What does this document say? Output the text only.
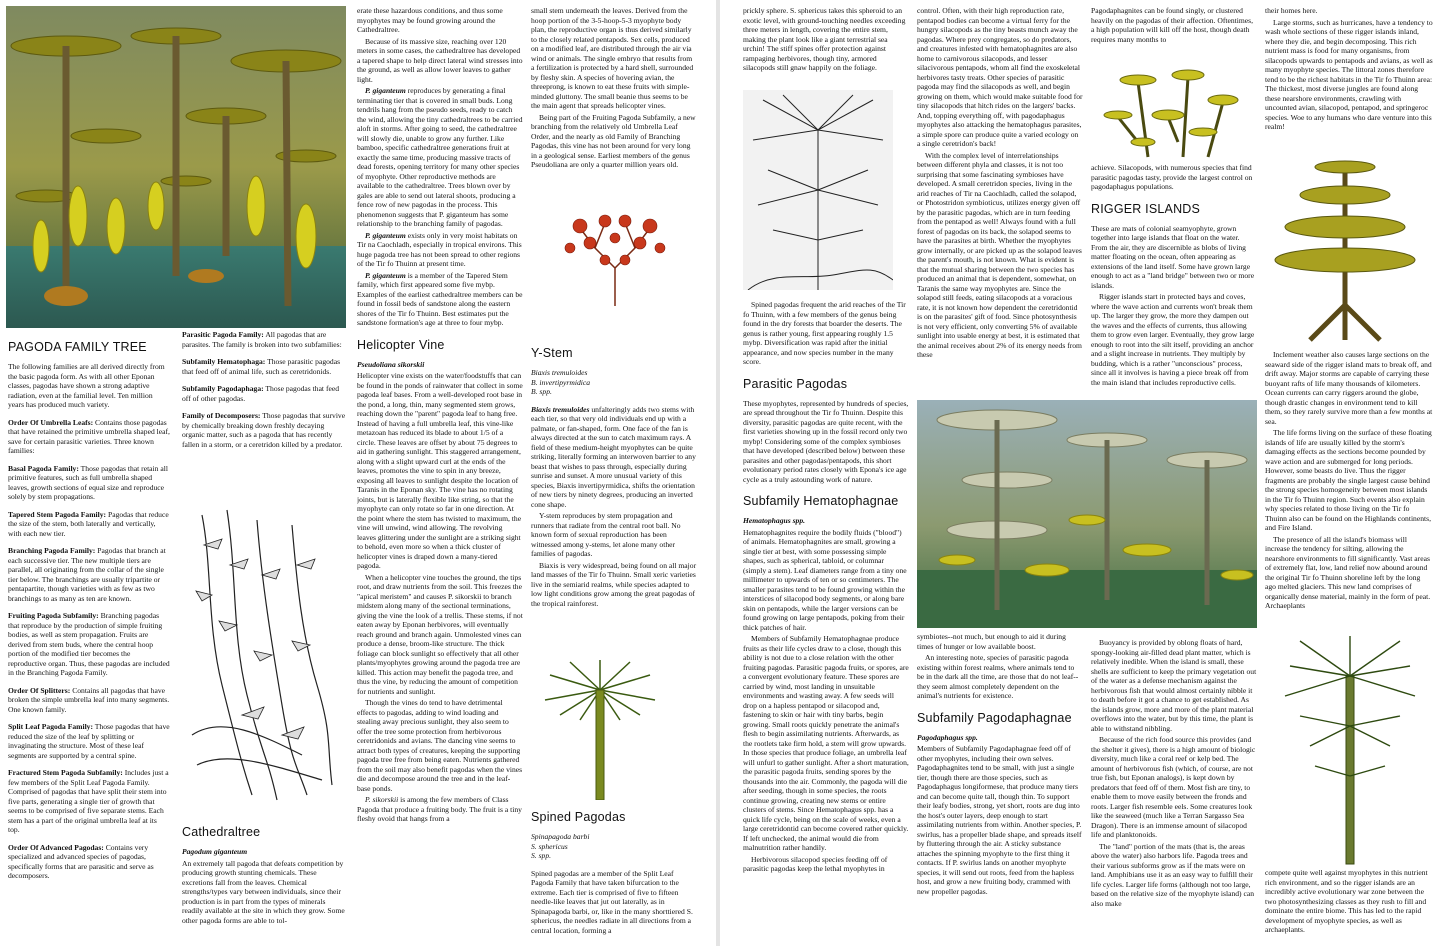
PAGODA FAMILY TREE

The following families are all derived directly from the basic pagoda form. As with all other Eponan classes, pagodas have shown a strong adaptive radiation, even at the familial level. Ten million years has produced much variety.

Order Of Umbrella Leafs: Contains those pagodas that have retained the primitive umbrella shaped leaf, save for certain parasitic varieties. Three known families:

Basal Pagoda Family: Those pagodas that retain all primitive features, such as full umbrella shaped leaves, growth sections of equal size and reproduce solely by stem propagations.

Tapered Stem Pagoda Family: Pagodas that reduce the size of the stem, both laterally and vertically, with each new tier.

Branching Pagoda Family: Pagodas that branch at each successive tier. The new multiple tiers are parallel, all originating from the collar of the single tier below. The branchings are usually tripartite or pentapartite, though varieties with as few as two branchings to as many as ten are known.

Fruiting Pagoda Subfamily: Branching pagodas that reproduce by the production of simple fruiting bodies, as well as stem propagation. Fruits are derived from stem buds, where the central hoop portion of the modified tier becomes the reproductive organ. Thus, these pagodas are included in the Branching Pagoda Family.

Order Of Splitters: Contains all pagodas that have broken the simple umbrella leaf into many segments. One known family.

Split Leaf Pagoda Family: Those pagodas that have reduced the size of the leaf by splitting or invaginating the structure. Most of these leaf segments are supported by a central spine.

Fractured Stem Pagoda Subfamily: Includes just a few members of the Split Leaf Pagoda Family. Comprised of pagodas that have split their stem into five parts, generating a single tier of growth that seems to be comprised of five separate stems. Each stem has a part of the original umbrella leaf at its top.

Order Of Advanced Pagodas: Contains very specialized and advanced species of pagodas, specifically forms that are parasitic and serve as decomposers.

Parasitic Pagoda Family: All pagodas that are parasites. The family is broken into two subfamilies:

Subfamily Hematophaga: Those parasitic pagodas that feed off of animal life, such as ceretridonids.

Subfamily Pagodaphaga: Those pagodas that feed off of other pagodas.

Family of Decomposers: Those pagodas that survive by chemically breaking down freshly decaying organic matter, such as a pagoda that has recently fallen in a storm, or a ceretridon killed by a predator.

Cathedraltree

Pagodum giganteum

An extremely tall pagoda that defeats competition by producing growth stunting chemicals. These excretions fall from the leaves. Chemical strengths/types vary between individuals, since their production is in part from the types of minerals readily available at the site in which they grow. Some other pagoda forms are able to tol-

erate these hazardous conditions, and thus some myophytes may be found growing around the Cathedraltree.

Because of its massive size, reaching over 120 meters in some cases, the cathedraltree has developed a tapered shape to help direct lateral wind stresses into the ground, as well as allow lower leaves to gather light.

P. giganteum reproduces by generating a final terminating tier that is covered in small buds. Long tendrils hang from the pseudo seeds, ready to catch the wind, allowing the tiny cathedraltrees to be carried aloft in storms. After going to seed, the cathedraltree will slowly die, unable to grow any further. Like bamboo, specific cathedraltree generations fruit at exactly the same time, producing massive tracts of dead forests, opening territory for many other species of myophyte. Other reproductive methods are available to the cathedraltree. Trees blown over by gales are able to send out lateral shoots, producing a fence row of new pagodas in the process. This phenomenon suggests that P. giganteum has some relationship to the branching family of pagodas.

P. giganteum exists only in very moist habitats on Tir na Caochladh, especially in tropical environs. This huge pagoda tree has not been spread to other regions of the Tir fo Thuinn at present time.

P. giganteum is a member of the Tapered Stem family, which first appeared some five mybp. Examples of the earliest cathedraltree members can be found in fossil beds of sandstone along the eastern shores of the Tir fo Thuinn. Best estimates put the sandstone formation's age at three to four mybp.

Helicopter Vine

Pseudoliana sikorskii

Helicopter vine exists on the water/foodstuffs that can be found in the ponds of rainwater that collect in some pagoda leaf bases. From a well-developed root base in the pond, a long, thin, many segmented stem grows, reaching down the "parent" pagoda leaf to hang free. Instead of having a full umbrella leaf, this vine-like metazoan has reduced its blade to about 1/5 of a circle. These leaves are offset by about 75 degrees to aid in gathering sunlight. This staggered arrangement, along with a slight upward curl at the ends of the leaves, promotes the vine to spin in any breeze, exposing all leaves to sunlight despite the location of Taranis in the Eponan sky. The vine has no rotating joints, but is laterally flexible like string, so that the myophyte can only rotate so far in one direction. At the point where the stem has twisted to maximum, the vine will unwind, wind allowing. The revolving leaves glittering under the sunlight are a striking sight to behold, even more so when a thick cluster of helicopter vines is draped down a many-tiered pagoda.

When a helicopter vine touches the ground, the tips root, and draw nutrients from the soil. This freezes the "apical meristem" and causes P. sikorskii to branch midstem along many of the sectional terminations, giving the vine the look of a trellis. These stems, if not eaten away by Eponan herbivores, will eventually reach ground and branch again. Unmolested vines can produce a dense, broom-like structure. The thick foliage can block sunlight so effectively that all other plants/myophytes growing around the pagoda tree are killed. This action may benefit the pagoda tree, and thus the vine, by reducing the amount of competition for nutrients and sunlight.

Though the vines do tend to have detrimental effects to pagodas, adding to wind loading and stealing away precious sunlight, they also seem to offer the tree some protection from herbivorous ceretridonids and avians. The dancing vine seems to attract both types of creatures, keeping the supporting pagoda tree free from being eaten. Nutrients gathered from the soil may also benefit pagodas when the vines die and decompose around the tree and in the leaf-base ponds.

P. sikorskii is among the few members of Class Pagoda that produce a fruiting body. The fruit is a tiny fleshy ovoid that hangs from a

small stem underneath the leaves. Derived from the hoop portion of the 3-5-hoop-5-3 myophyte body plan, the reproductive organ is thus derived similarly to the closely related pentapods. Sex cells, produced on a modified leaf, are distributed through the air via wind or animals. The single embryo that results from a fertilization is protected by a hard shell, surrounded by fleshy skin. A species of hovering avian, the threeprong, is known to eat these fruits with simple-minded gluttony. The small beanie thus seems to be the main agent that spreads helicopter vines.

Being part of the Fruiting Pagoda Subfamily, a new branching from the relatively old Umbrella Leaf Order, and the nearly as old Family of Branching Pagodas, this vine has not been around for very long in a geological sense. Earliest members of the genus Pseudoliana are only a quarter million years old.

Y-Stem
Biaxis tremuloides
B. invertipyrmidica
B. spp.

Biaxis tremuloides unfalteringly adds two stems with each tier, so that very old individuals end up with a palmate, or fan-shaped, form. One face of the fan is always directed at the sun to catch maximum rays. A field of these medium-height myophytes can be quite striking, literally forming an interwoven barrier to any beast that wishes to pass through, especially during sunrise and sunset. A more unusual variety of this species, Biaxis invertipyrmidica, shifts the orientation of new tiers by ninety degrees, producing an inverted cone shape.

Y-stem reproduces by stem propagation and runners that radiate from the central root ball. No known form of sexual reproduction has been witnessed among y-stems, let alone many other families of pagodas.

Biaxis is very widespread, being found on all major land masses of the Tir fo Thuinn. Small xeric varieties live in the semiarid realms, while species adapted to low light conditions grow among the great pagodas of the tropical rainforest.

Spined Pagodas
Spinapagoda barbi
S. sphericus
S. spp.

Spined pagodas are a member of the Split Leaf Pagoda Family that have taken bifurcation to the extreme. Each tier is comprised of five to fifteen needle-like leaves that jut out laterally, as in Spinapagoda barbi, or, like in the many shorttiered S. sphericus, the needles radiate in all directions from a central location, forming a

prickly sphere. S. sphericus takes this spheroid to an exotic level, with ground-touching needles exceeding three meters in length, covering the entire stem, making the plant look like a giant terrestrial sea urchin! The stiff spines offer protection against rampaging herbivores, though tiny, armored silacopods still gnaw happily on the foliage.

Spined pagodas frequent the arid reaches of the Tir fo Thuinn, with a few members of the genus being found in the dry forests that boarder the deserts. The genus is rather young, first appearing roughly 1.5 mybp. Diversification was rapid after the initial appearance, and now species number in the many score.

Parasitic Pagodas

These myophytes, represented by hundreds of species, are spread throughout the Tir fo Thuinn. Despite this diversity, parasitic pagodas are quite recent, with the first varieties showing up in the fossil record only two mybp! Considering some of the complex symbioses that have developed (described below) between these parasites and other pagodas/pentapods, this short evolutionary period rates closely with Epona's ice age cycle as a truly astounding work of nature.

Subfamily Hematophagnae

Hematophagus spp.

Hematophagnites require the bodily fluids ("blood") of animals. Hematophagnites are small, growing a single tier at best, with some possessing simple shapes, such as spherical, tabloid, or columnar (simply a stem). Leaf diameters range from a tiny one millimeter to upwards of ten or so centimeters. The smaller parasites tend to be found growing within the interstices of silacopod body segments, or along bare skin on pentapods, while the larger versions can be found growing on large pentapods, poking from their thick patches of hair.

Members of Subfamily Hematophagnae produce fruits as their life cycles draw to a close, though this ability is not due to a close relation with the other fruiting pagodas. Parasitic pagoda fruits, or spores, are a convergent evolutionary feature. These spores are carried by wind, most landing in unsuitable environments and wasting away. A few seeds will drop on a hapless pentapod or silacopod and, fastening to skin or hair with tiny barbs, begin growing. Small roots quickly penetrate the animal's flesh to begin assimilating nutrients. Afterwards, as the rootlets take firm hold, a stem will grow upwards. In those species that produce foliage, an umbrella leaf will unfurl to gather sunlight. After a short maturation, the parasitic pagoda fruits, sending spores by the thousands into the air. Commonly, the pagoda will die after seeding, though in some species, the roots continue growing, creating new stems or entire clusters of stems. Since Hematophagus spp. has a quick life cycle, being on the scale of weeks, even a large ceretridontid can become covered rather quickly. If left unchecked, the animal would die from malnutrition rather handily.

Herbivorous silacopod species feeding off of parasitic pagodas keep the lethal myophytes in

control. Often, with their high reproduction rate, pentapod bodies can become a virtual ferry for the hungry silacopods as the tiny beasts munch away the pagodas. Where prey congregates, so do predators, and creatures infested with hematophagnites are also home to carnivorous silacopods, and lesser silacivorous pentapods, whom all find the exoskeletal herbivores tasty treats. Other species of parasitic pagoda may find the silacopods as well, and begin growing on them, which would make suitable food for tiny silacopods that hitch rides on the largers' backs. And, topping everything off, with pagodaphagus myophytes also attacking the hematophagus parasites, a simple spore can produce quite a varied ecology on a single ceretridon's back!

With the complex level of interrelationships between different phyla and classes, it is not too surprising that some fascinating symbioses have developed. A small ceretridon species, living in the arid reaches of Tir na Caochladh, called the solapod, or Photostridon symbioticus, utilizes energy given off by the parasitic pagodas, which are in turn feeding from the pentapod as well! Always found with a full forest of pagodas on its back, the solapod seems to have the parasites at birth. Whether the myophytes grow internally, or are picked up as the solapod leaves the parent's mouth, is not known. What is evident is that the mutual sharing between the two species has produced an animal that is dependent, somewhat, on Taranis the same way myophytes are. Since the solapod still feeds, eating silacopods at a voracious rate, it is not known how dependent the ceretridontid is on the parasites' gift of food. Since photosynthesis is not very efficient, only converting 5% of available sunlight into usable energy at best, it is estimated that the animal receives about 2% of its energy needs from these

Pagodaphagnites can be found singly, or clustered heavily on the pagodas of their affection. Oftentimes, a high population will kill off the host, though death requires many months to

achieve. Silacopods, with numerous species that find parasitic pagodas tasty, provide the largest control on pagodaphagus populations.

RIGGER ISLANDS

These are mats of colonial seamyophyte, grown together into large islands that float on the water. From the air, they are discernible as blobs of living matter floating on the ocean, often appearing as extensions of the land itself. Some have grown large enough to act as a "land bridge" between two or more islands.

Rigger islands start in protected bays and coves, where the wave action and currents won't break them up. The larger they grow, the more they dampen out the waves and the effects of currents, thus allowing them to grow even larger. Eventually, they grow large enough to root into the silt itself, providing an anchor and a slight increase in nutrients. They multiply by budding, which is a rather "unconscious" process, since all it involves is having a piece break off from the main island that includes reproductive cells.

symbiotes--not much, but enough to aid it during times of hunger or low available boost.

An interesting note, species of parasitic pagoda existing within forest realms, where animals tend to be in the dark all the time, are those that do not leaf--they seem almost completely dependent on the animal's nutrients for existence.

Subfamily Pagodaphagnae

Pagodaphagus spp.

Members of Subfamily Pagodaphagnae feed off of other myophytes, including their own selves. Pagodaphagnites tend to be small, with just a single tier, though there are those species, such as Pagodaphagus longiformese, that produce many tiers and can become quite tall, though thin. To support their leafy bodies, strong, yet short, roots are dug into the host's outer layers, deep enough to start assimilating nutrients from within. Another species, P. swirlus, has a propeller blade shape, and spreads itself by fluttering through the air. A sticky substance attaches the spinning myophyte to the first thing it contacts. If P. swirlus lands on another myophyte species, it will send out roots, feed from the hapless host, and grow a new fruiting body, crammed with new propeller pagodas.

Buoyancy is provided by oblong floats of hard, spongy-looking air-filled dead plant matter, which is relatively inedible. When the island is small, these shells are sufficient to keep the primary vegetation out of the water as a defense mechanism against the herbivorous fish that would almost certainly nibble it to death before it got a chance to get established. As the islands grow, more and more of the plant material overflows into the water, but by this time, the plant is able to withstand nibbling.

Because of the rich food source this provides (and the shelter it gives), there is a high amount of biologic diversity, much like a coral reef or kelp bed. The amount of herbivorous fish (which, of course, are not true fish, but Eponan analogs), is kept down by predators that feed off of them. Most fish are tiny, to enable them to move easily between the fronds and roots. Larger fish resemble eels. Some creatures look like the seaweed (much like a Terran Sargasso Sea Dragon). There is an immense amount of silacopod life and planktonoids.

The "land" portion of the mats (that is, the areas above the water) also harbors life. Pagoda trees and their various subforms grow as if the mats were on land. Amphibians use it as an easy way to fulfill their life cycles. Larger life forms (although not too large, based on the relative size of the myophyte island) can also make

their homes here.

Large storms, such as hurricanes, have a tendency to wash whole sections of these rigger islands inland, where they die, and begin decomposing. This rich nutrient mass is food for many organisms, from silacopods upwards to pentapods and avians, as well as many myophyte species. The littoral zones therefore tend to be the richest habitats in the Tir fo Thuinn area: The thickest, most diverse jungles are found along these nearshore environments, crawling with uncounted avian, silacopod, pentapod, and springeroc species. Woe to any humans who dare venture into this realm!

Inclement weather also causes large sections on the seaward side of the rigger island mats to break off, and drift away. Major storms are capable of carrying these buoyant rafts of life many thousands of kilometers. Ocean currents can carry riggers around the globe, though drastic changes in environment tend to kill them, so they rarely survive more than a few months at sea.

The life forms living on the surface of these floating islands of life are usually killed by the storm's damaging effects as the sections become pounded by wave action and are submerged for long periods. However, some beasts do live. Thus the rigger fragments are probably the single largest cause behind the strong species homogeneity between most islands in the Tir fo Thuinn region. Such events also explain why species related to those living on the Tir fo Thuinn also can be found on the Highlands continents, and Fire Island.

The presence of all the island's biomass will increase the tendency for silting, allowing the nearshore environments to fill significantly. Vast areas of extremely flat, low, land relief now abound around the original Tir fo Thuinn shoreline left by the long ago melted glaciers. This new land comprises of organically dense material, mainly in the form of peat. Archaeplants

compete quite well against myophytes in this nutrient rich environment, and so the rigger islands are an incredibly active evolutionary war zone between the two photosynthesizing classes as they rush to fill and dominate the entire biome. This has led to the rapid development of myophyte species, as well as archaeplants.
